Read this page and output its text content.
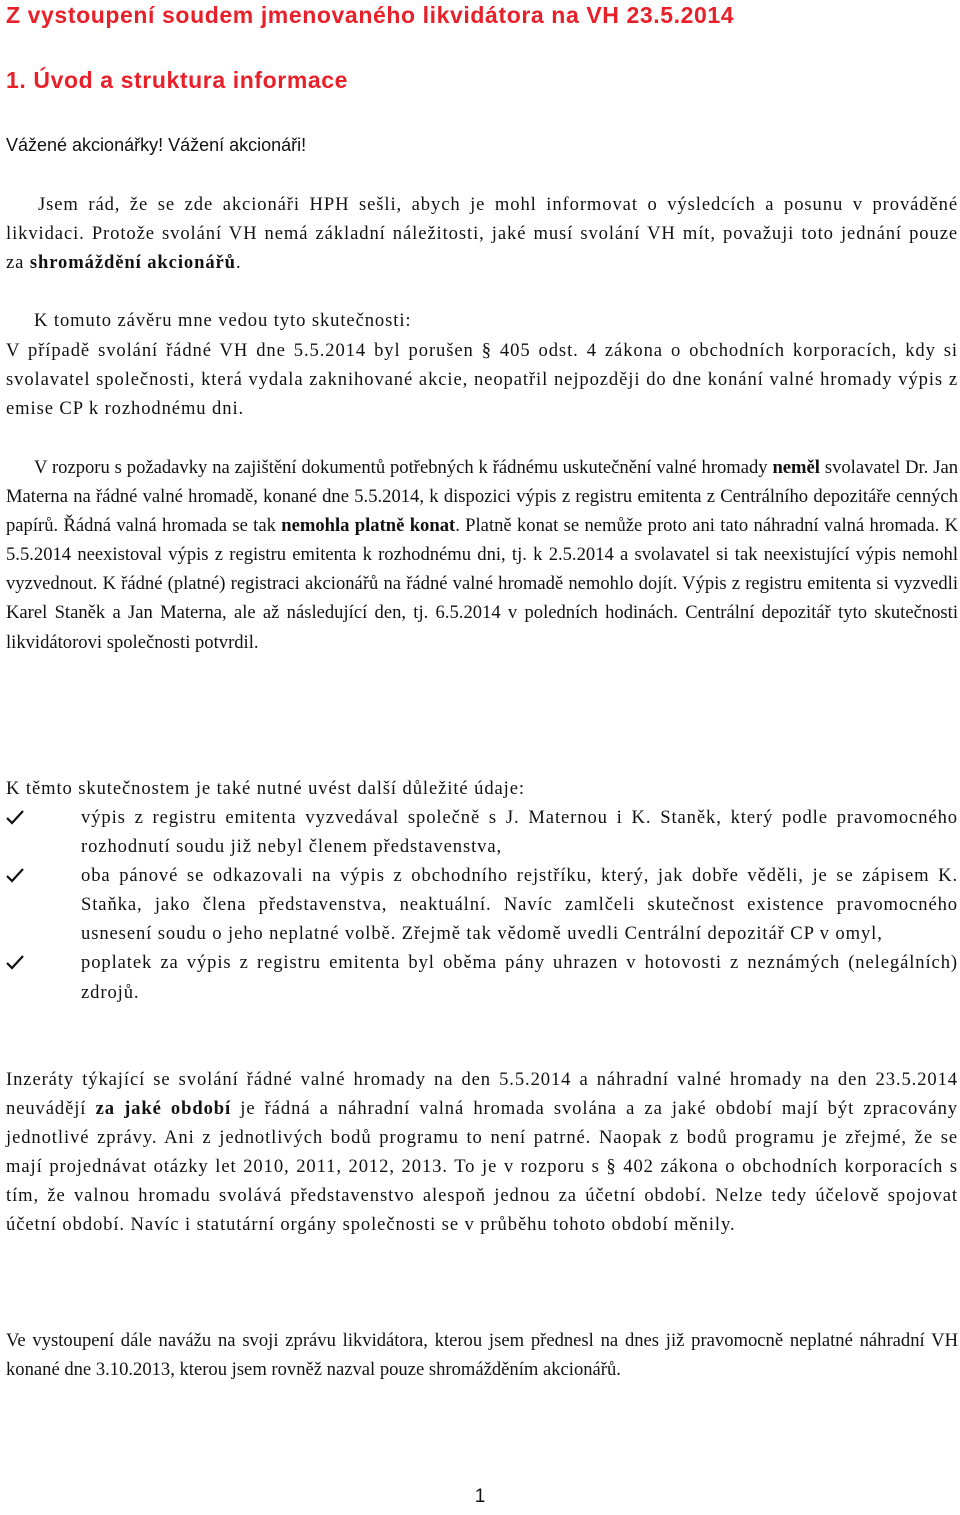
Z vystoupení soudem jmenovaného likvidátora na VH 23.5.2014
1. Úvod a struktura informace

Vážené akcionářky! Vážení akcionáři!

Jsem rád, že se zde akcionáři HPH sešli, abych je mohl informovat o výsledcích a posunu v prováděné likvidaci. Protože svolání VH nemá základní náležitosti, jaké musí svolání VH mít, považuji toto jednání pouze za shromáždění akcionářů.

K tomuto závěru mne vedou tyto skutečnosti:

V případě svolání řádné VH dne 5.5.2014 byl porušen § 405 odst. 4 zákona o obchodních korporacích, kdy si svolavatel společnosti, která vydala zaknihované akcie, neopatřil nejpozději do dne konání valné hromady výpis z emise CP k rozhodnému dni.

V rozporu s požadavky na zajištění dokumentů potřebných k řádnému uskutečnění valné hromady neměl svolavatel Dr. Jan Materna na řádné valné hromadě, konané dne 5.5.2014, k dispozici výpis z registru emitenta z Centrálního depozitáře cenných papírů. Řádná valná hromada se tak nemohla platně konat. Platně konat se nemůže proto ani tato náhradní valná hromada. K 5.5.2014 neexistoval výpis z registru emitenta k rozhodnému dni, tj. k 2.5.2014 a svolavatel si tak neexistující výpis nemohl vyzvednout. K řádné (platné) registraci akcionářů na řádné valné hromadě nemohlo dojít. Výpis z registru emitenta si vyzvedli Karel Staněk a Jan Materna, ale až následující den, tj. 6.5.2014 v poledních hodinách. Centrální depozitář tyto skutečnosti likvidátorovi společnosti potvrdil.

K těmto skutečnostem je také nutné uvést další důležité údaje:

výpis z registru emitenta vyzvedával společně s J. Maternou i K. Staněk, který podle pravomocného rozhodnutí soudu již nebyl členem představenstva,
oba pánové se odkazovali na výpis z obchodního rejstříku, který, jak dobře věděli, je se zápisem K. Staňka, jako člena představenstva, neaktuální. Navíc zamlčeli skutečnost existence pravomocného usnesení soudu o jeho neplatné volbě. Zřejmě tak vědomě uvedli Centrální depozitář CP v omyl,
poplatek za výpis z registru emitenta byl oběma pány uhrazen v hotovosti z neznámých (nelegálních) zdrojů.

Inzeráty týkající se svolání řádné valné hromady na den 5.5.2014 a náhradní valné hromady na den 23.5.2014 neuvádějí za jaké období je řádná a náhradní valná hromada svolána a za jaké období mají být zpracovány jednotlivé zprávy. Ani z jednotlivých bodů programu to není patrné. Naopak z bodů programu je zřejmé, že se mají projednávat otázky let 2010, 2011, 2012, 2013. To je v rozporu s § 402 zákona o obchodních korporacích s tím, že valnou hromadu svolává představenstvo alespoň jednou za účetní období. Nelze tedy účelově spojovat účetní období. Navíc i statutární orgány společnosti se v průběhu tohoto období měnily.

Ve vystoupení dále navážu na svoji zprávu likvidátora, kterou jsem přednesl na dnes již pravomocně neplatné náhradní VH konané dne 3.10.2013, kterou jsem rovněž nazval pouze shromážděním akcionářů.

1
